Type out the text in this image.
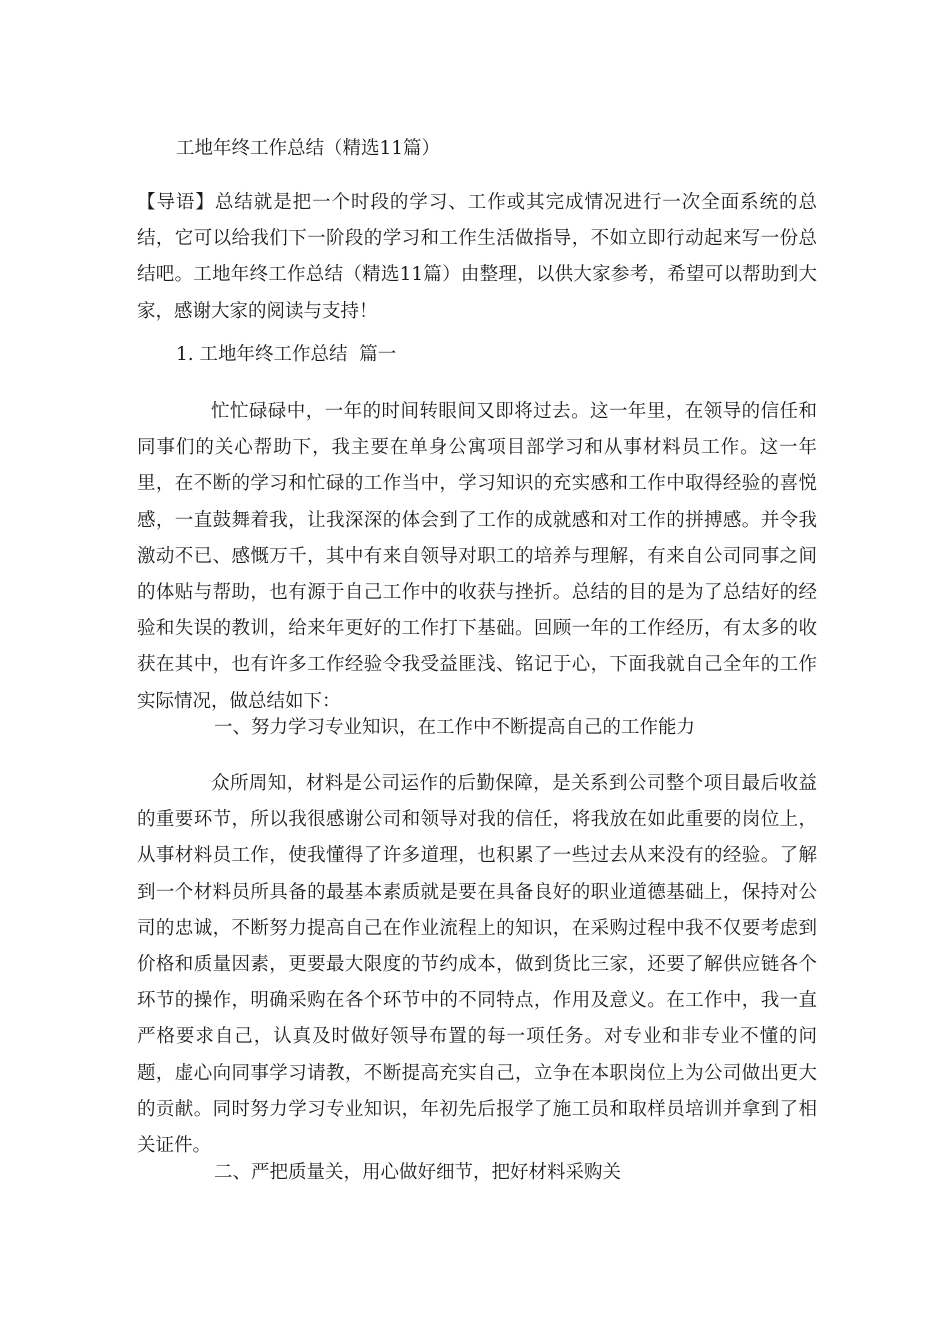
工地年终工作总结（精选11篇）

【导语】总结就是把一个时段的学习、工作或其完成情况进行一次全面系统的总结，它可以给我们下一阶段的学习和工作生活做指导，不如立即行动起来写一份总结吧。工地年终工作总结（精选11篇）由整理，以供大家参考，希望可以帮助到大家，感谢大家的阅读与支持！

1. 工地年终工作总结  篇一

忙忙碌碌中，一年的时间转眼间又即将过去。这一年里，在领导的信任和同事们的关心帮助下，我主要在单身公寓项目部学习和从事材料员工作。这一年里，在不断的学习和忙碌的工作当中，学习知识的充实感和工作中取得经验的喜悦感，一直鼓舞着我，让我深深的体会到了工作的成就感和对工作的拼搏感。并令我激动不已、感慨万千，其中有来自领导对职工的培养与理解，有来自公司同事之间的体贴与帮助，也有源于自己工作中的收获与挫折。总结的目的是为了总结好的经验和失误的教训，给来年更好的工作打下基础。回顾一年的工作经历，有太多的收获在其中，也有许多工作经验令我受益匪浅、铭记于心，下面我就自己全年的工作实际情况，做总结如下：

一、努力学习专业知识，在工作中不断提高自己的工作能力

众所周知，材料是公司运作的后勤保障，是关系到公司整个项目最后收益的重要环节，所以我很感谢公司和领导对我的信任，将我放在如此重要的岗位上，从事材料员工作，使我懂得了许多道理，也积累了一些过去从来没有的经验。了解到一个材料员所具备的最基本素质就是要在具备良好的职业道德基础上，保持对公司的忠诚，不断努力提高自己在作业流程上的知识，在采购过程中我不仅要考虑到价格和质量因素，更要最大限度的节约成本，做到货比三家，还要了解供应链各个环节的操作，明确采购在各个环节中的不同特点，作用及意义。在工作中，我一直严格要求自己，认真及时做好领导布置的每一项任务。对专业和非专业不懂的问题，虚心向同事学习请教，不断提高充实自己，立争在本职岗位上为公司做出更大的贡献。同时努力学习专业知识，年初先后报学了施工员和取样员培训并拿到了相关证件。

二、严把质量关，用心做好细节，把好材料采购关
